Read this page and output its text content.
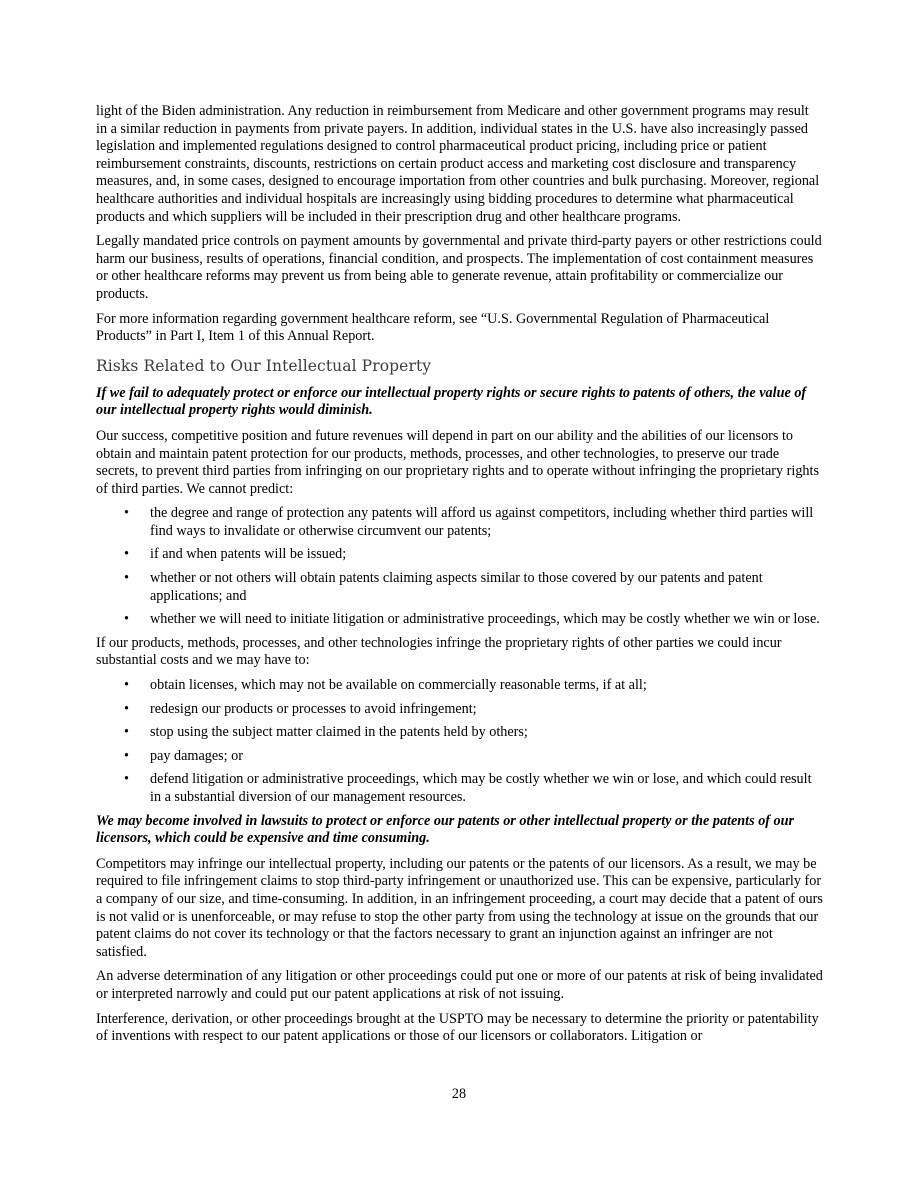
light of the Biden administration. Any reduction in reimbursement from Medicare and other government programs may result in a similar reduction in payments from private payers. In addition, individual states in the U.S. have also increasingly passed legislation and implemented regulations designed to control pharmaceutical product pricing, including price or patient reimbursement constraints, discounts, restrictions on certain product access and marketing cost disclosure and transparency measures, and, in some cases, designed to encourage importation from other countries and bulk purchasing. Moreover, regional healthcare authorities and individual hospitals are increasingly using bidding procedures to determine what pharmaceutical products and which suppliers will be included in their prescription drug and other healthcare programs.

Legally mandated price controls on payment amounts by governmental and private third-party payers or other restrictions could harm our business, results of operations, financial condition, and prospects. The implementation of cost containment measures or other healthcare reforms may prevent us from being able to generate revenue, attain profitability or commercialize our products.

For more information regarding government healthcare reform, see “U.S. Governmental Regulation of Pharmaceutical Products” in Part I, Item 1 of this Annual Report.

Risks Related to Our Intellectual Property

If we fail to adequately protect or enforce our intellectual property rights or secure rights to patents of others, the value of our intellectual property rights would diminish.

Our success, competitive position and future revenues will depend in part on our ability and the abilities of our licensors to obtain and maintain patent protection for our products, methods, processes, and other technologies, to preserve our trade secrets, to prevent third parties from infringing on our proprietary rights and to operate without infringing the proprietary rights of third parties. We cannot predict:

• the degree and range of protection any patents will afford us against competitors, including whether third parties will find ways to invalidate or otherwise circumvent our patents;
• if and when patents will be issued;
• whether or not others will obtain patents claiming aspects similar to those covered by our patents and patent applications; and
• whether we will need to initiate litigation or administrative proceedings, which may be costly whether we win or lose.

If our products, methods, processes, and other technologies infringe the proprietary rights of other parties we could incur substantial costs and we may have to:

• obtain licenses, which may not be available on commercially reasonable terms, if at all;
• redesign our products or processes to avoid infringement;
• stop using the subject matter claimed in the patents held by others;
• pay damages; or
• defend litigation or administrative proceedings, which may be costly whether we win or lose, and which could result in a substantial diversion of our management resources.

We may become involved in lawsuits to protect or enforce our patents or other intellectual property or the patents of our licensors, which could be expensive and time consuming.

Competitors may infringe our intellectual property, including our patents or the patents of our licensors. As a result, we may be required to file infringement claims to stop third-party infringement or unauthorized use. This can be expensive, particularly for a company of our size, and time-consuming. In addition, in an infringement proceeding, a court may decide that a patent of ours is not valid or is unenforceable, or may refuse to stop the other party from using the technology at issue on the grounds that our patent claims do not cover its technology or that the factors necessary to grant an injunction against an infringer are not satisfied.

An adverse determination of any litigation or other proceedings could put one or more of our patents at risk of being invalidated or interpreted narrowly and could put our patent applications at risk of not issuing.

Interference, derivation, or other proceedings brought at the USPTO may be necessary to determine the priority or patentability of inventions with respect to our patent applications or those of our licensors or collaborators. Litigation or

28
